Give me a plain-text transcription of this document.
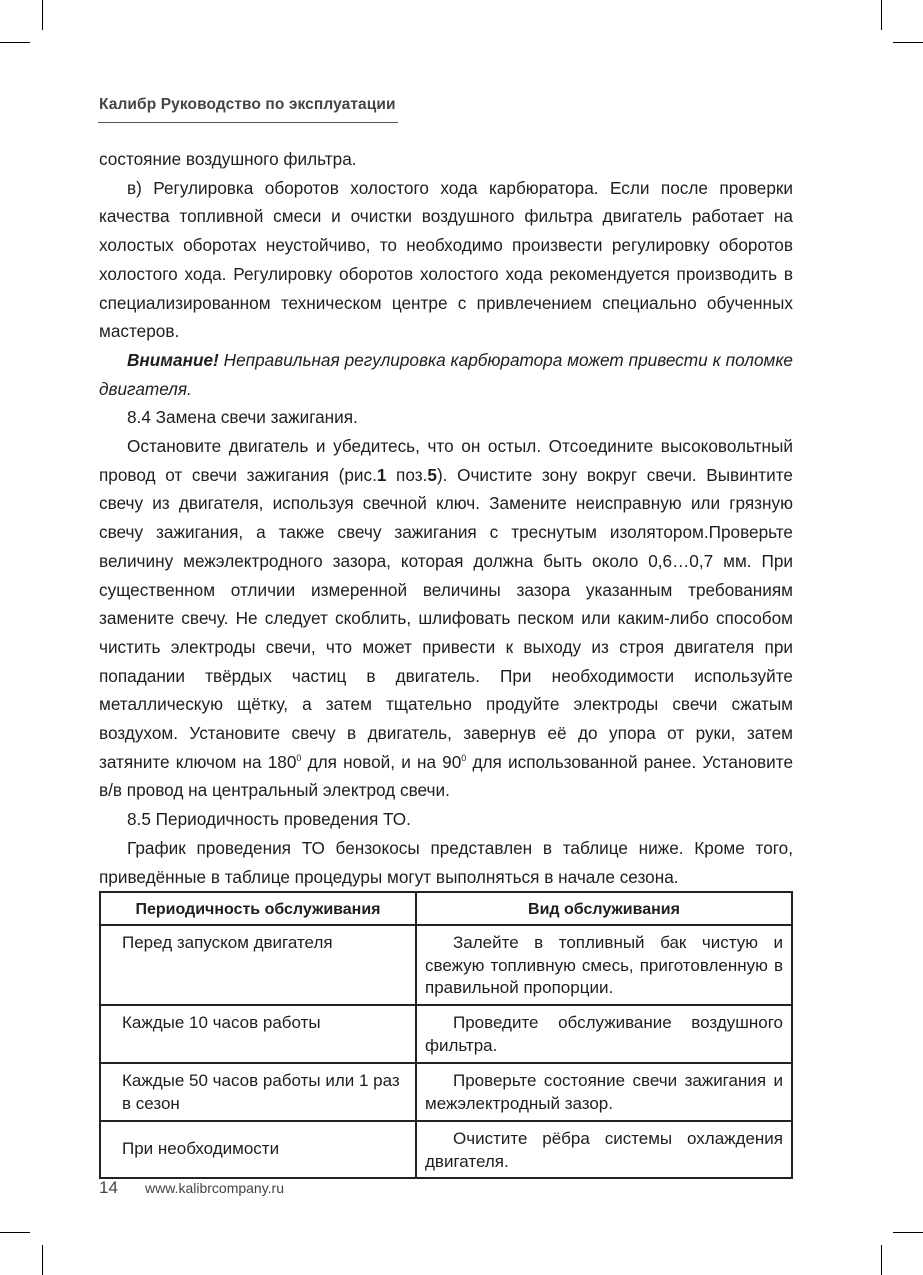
Калибр Руководство по эксплуатации

состояние воздушного фильтра.

в) Регулировка оборотов холостого хода карбюратора. Если после проверки качества топливной смеси и очистки воздушного фильтра двигатель работает на холостых оборотах неустойчиво, то необходимо произвести регулировку оборотов холостого хода. Регулировку оборотов холостого хода рекомендуется производить в специализированном техническом центре с привлечением специально обученных мастеров.

Внимание! Неправильная регулировка карбюратора может привести к поломке двигателя.

8.4 Замена свечи зажигания.

Остановите двигатель и убедитесь, что он остыл. Отсоедините высоковольтный провод от свечи зажигания (рис.1 поз.5). Очистите зону вокруг свечи. Вывинтите свечу из двигателя, используя свечной ключ. Замените неисправную или грязную свечу зажигания, а также свечу зажигания с треснутым изолятором.Проверьте величину межэлектродного зазора, которая должна быть около 0,6…0,7 мм. При существенном отличии измеренной величины зазора указанным требованиям замените свечу. Не следует скоблить, шлифовать песком или каким-либо способом чистить электроды свечи, что может привести к выходу из строя двигателя при попадании твёрдых частиц в двигатель. При необходимости используйте металлическую щётку, а затем тщательно продуйте электроды свечи сжатым воздухом. Установите свечу в двигатель, завернув её до упора от руки, затем затяните ключом на $180^0$ для новой, и на $90^0$ для использованной ранее. Установите в/в провод на центральный электрод свечи.

8.5 Периодичность проведения ТО.

График проведения ТО бензокосы представлен в таблице ниже. Кроме того, приведённые в таблице процедуры могут выполняться в начале сезона.

Периодичность обслуживания	Вид обслуживания
Перед запуском двигателя	Залейте в топливный бак чистую и свежую топливную смесь, приготовленную в правильной пропорции.
Каждые 10 часов работы	Проведите обслуживание воздушного фильтра.
Каждые 50 часов работы или 1 раз в сезон	Проверьте состояние свечи зажигания и межэлектродный зазор.
При необходимости	Очистите рёбра системы охлаждения двигателя.
14 www.kalibrcompany.ru
